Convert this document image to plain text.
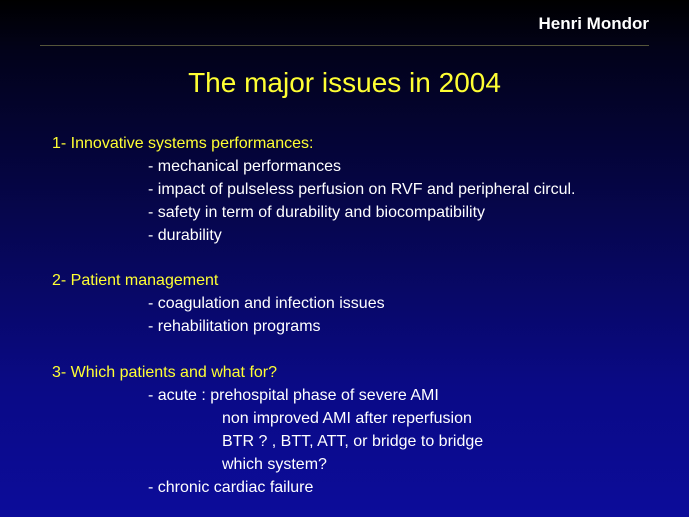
Henri Mondor
The major issues in 2004
1- Innovative systems performances:
- mechanical performances
- impact of pulseless perfusion on RVF and peripheral circul.
- safety in term of durability and biocompatibility
- durability
2- Patient management
- coagulation and infection issues
- rehabilitation programs
3- Which patients and what for?
- acute : prehospital phase of severe AMI
non improved AMI after reperfusion
BTR ? , BTT, ATT, or bridge to bridge
which system?
- chronic cardiac failure
